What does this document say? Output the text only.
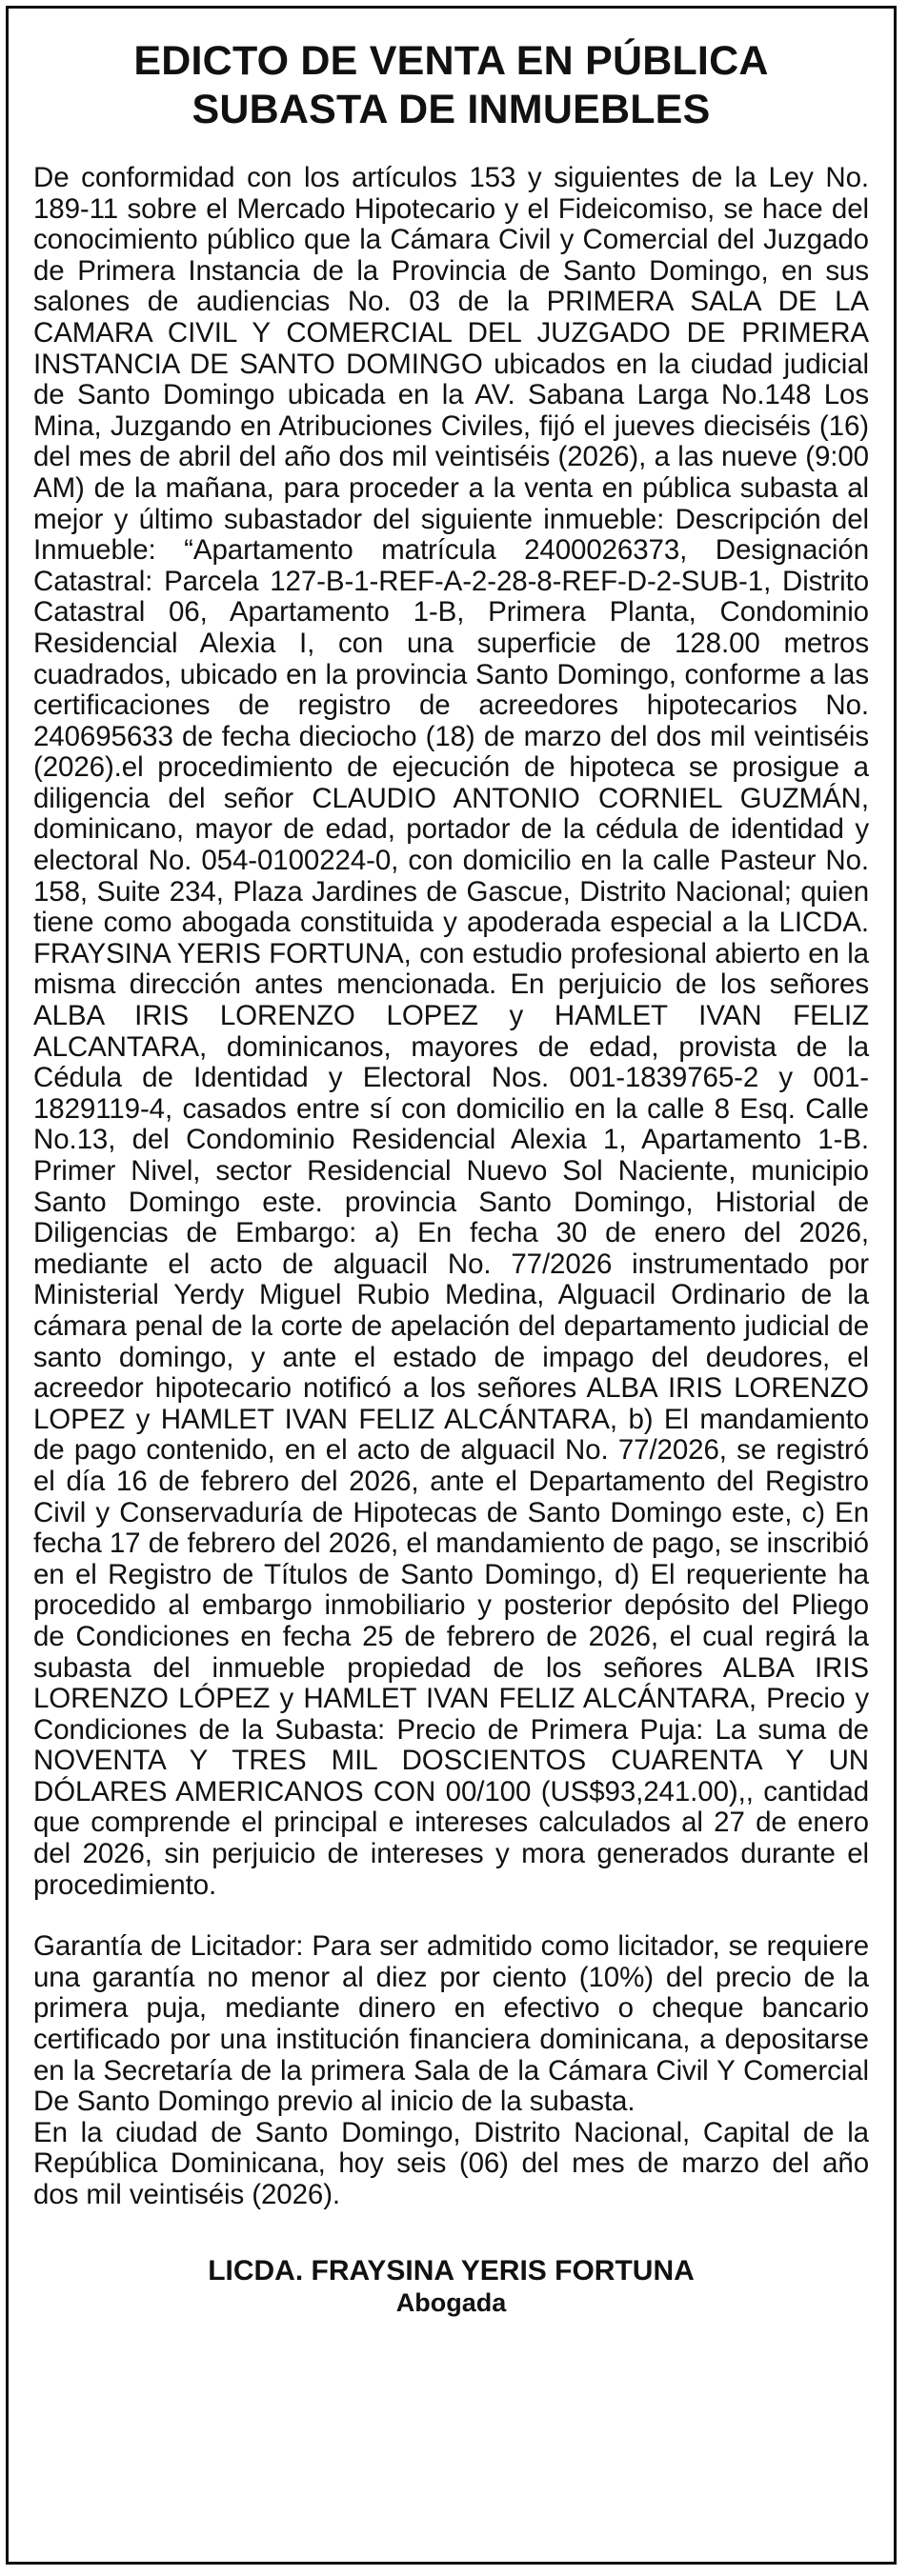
EDICTO DE VENTA EN PÚBLICA SUBASTA DE INMUEBLES

De conformidad con los artículos 153 y siguientes de la Ley No. 189-11 sobre el Mercado Hipotecario y el Fideicomiso, se hace del conocimiento público que la Cámara Civil y Comercial del Juzgado de Primera Instancia de la Provincia de Santo Domingo, en sus salones de audiencias No. 03 de la PRIMERA SALA DE LA CAMARA CIVIL Y COMERCIAL DEL JUZGADO DE PRIMERA INSTANCIA DE SANTO DOMINGO ubicados en la ciudad judicial de Santo Domingo ubicada en la AV. Sabana Larga No.148 Los Mina, Juzgando en Atribuciones Civiles, fijó el jueves dieciséis (16) del mes de abril del año dos mil veintiséis (2026), a las nueve (9:00 AM) de la mañana, para proceder a la venta en pública subasta al mejor y último subastador del siguiente inmueble: Descripción del Inmueble: “Apartamento matrícula 2400026373, Designación Catastral: Parcela 127-B-1-REF-A-2-28-8-REF-D-2-SUB-1, Distrito Catastral 06, Apartamento 1-B, Primera Planta, Condominio Residencial Alexia I, con una superficie de 128.00 metros cuadrados, ubicado en la provincia Santo Domingo, conforme a las certificaciones de registro de acreedores hipotecarios No. 240695633 de fecha dieciocho (18) de marzo del dos mil veintiséis (2026).el procedimiento de ejecución de hipoteca se prosigue a diligencia del señor CLAUDIO ANTONIO CORNIEL GUZMÁN, dominicano, mayor de edad, portador de la cédula de identidad y electoral No. 054-0100224-0, con domicilio en la calle Pasteur No. 158, Suite 234, Plaza Jardines de Gascue, Distrito Nacional; quien tiene como abogada constituida y apoderada especial a la LICDA. FRAYSINA YERIS FORTUNA, con estudio profesional abierto en la misma dirección antes mencionada. En perjuicio de los señores ALBA IRIS LORENZO LOPEZ y HAMLET IVAN FELIZ ALCANTARA, dominicanos, mayores de edad, provista de la Cédula de Identidad y Electoral Nos. 001-1839765-2 y 001-1829119-4, casados entre sí con domicilio en la calle 8 Esq. Calle No.13, del Condominio Residencial Alexia 1, Apartamento 1-B. Primer Nivel, sector Residencial Nuevo Sol Naciente, municipio Santo Domingo este. provincia Santo Domingo, Historial de Diligencias de Embargo: a) En fecha 30 de enero del 2026, mediante el acto de alguacil No. 77/2026 instrumentado por Ministerial Yerdy Miguel Rubio Medina, Alguacil Ordinario de la cámara penal de la corte de apelación del departamento judicial de santo domingo, y ante el estado de impago del deudores, el acreedor hipotecario notificó a los señores ALBA IRIS LORENZO LOPEZ y HAMLET IVAN FELIZ ALCÁNTARA, b) El mandamiento de pago contenido, en el acto de alguacil No. 77/2026, se registró el día 16 de febrero del 2026, ante el Departamento del Registro Civil y Conservaduría de Hipotecas de Santo Domingo este, c) En fecha 17 de febrero del 2026, el mandamiento de pago, se inscribió en el Registro de Títulos de Santo Domingo, d) El requeriente ha procedido al embargo inmobiliario y posterior depósito del Pliego de Condiciones en fecha 25 de febrero de 2026, el cual regirá la subasta del inmueble propiedad de los señores ALBA IRIS LORENZO LÓPEZ y HAMLET IVAN FELIZ ALCÁNTARA, Precio y Condiciones de la Subasta: Precio de Primera Puja: La suma de NOVENTA Y TRES MIL DOSCIENTOS CUARENTA Y UN DÓLARES AMERICANOS CON 00/100 (US$93,241.00),, cantidad que comprende el principal e intereses calculados al 27 de enero del 2026, sin perjuicio de intereses y mora generados durante el procedimiento.

Garantía de Licitador: Para ser admitido como licitador, se requiere una garantía no menor al diez por ciento (10%) del precio de la primera puja, mediante dinero en efectivo o cheque bancario certificado por una institución financiera dominicana, a depositarse en la Secretaría de la primera Sala de la Cámara Civil Y Comercial De Santo Domingo previo al inicio de la subasta.

En la ciudad de Santo Domingo, Distrito Nacional, Capital de la República Dominicana, hoy seis (06) del mes de marzo del año dos mil veintiséis (2026).

LICDA. FRAYSINA YERIS FORTUNA
Abogada
